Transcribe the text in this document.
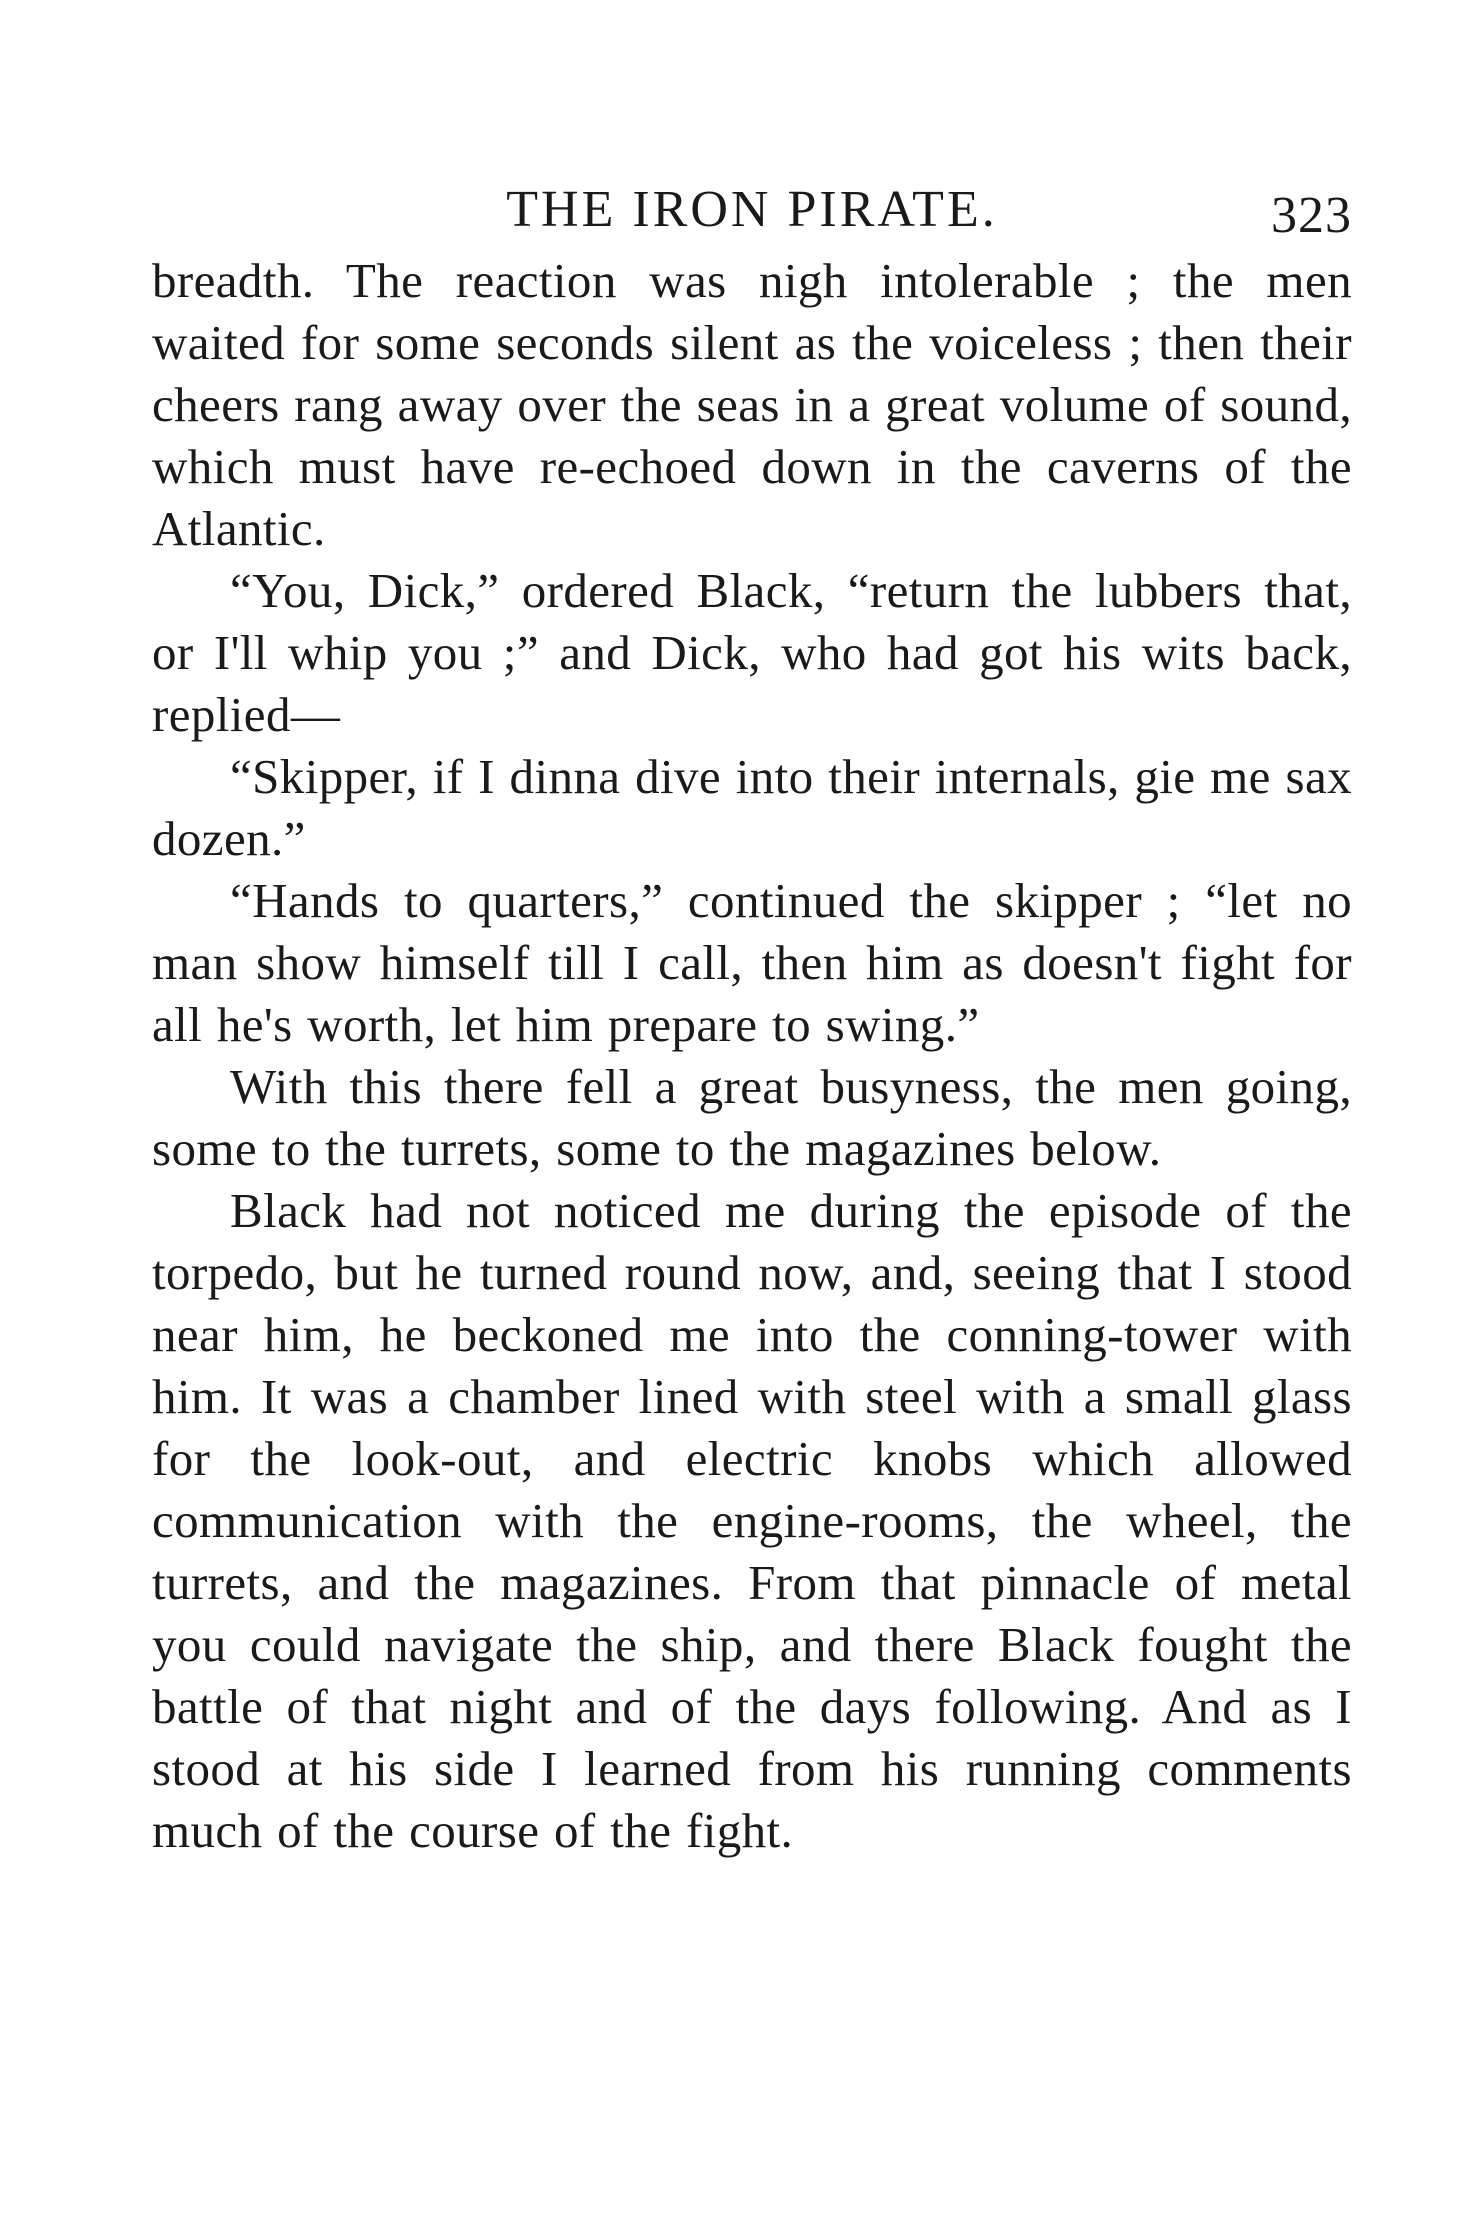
THE IRON PIRATE.	323

breadth. The reaction was nigh intolerable ; the men waited for some seconds silent as the voiceless ; then their cheers rang away over the seas in a great volume of sound, which must have re-echoed down in the caverns of the Atlantic.

“You, Dick,” ordered Black, “return the lubbers that, or I'll whip you ;” and Dick, who had got his wits back, replied—

“Skipper, if I dinna dive into their internals, gie me sax dozen.”

“Hands to quarters,” continued the skipper ; “let no man show himself till I call, then him as doesn't fight for all he's worth, let him prepare to swing.”

With this there fell a great busyness, the men going, some to the turrets, some to the magazines below.

Black had not noticed me during the episode of the torpedo, but he turned round now, and, seeing that I stood near him, he beckoned me into the conning-tower with him. It was a chamber lined with steel with a small glass for the look-out, and electric knobs which allowed communication with the engine-rooms, the wheel, the turrets, and the magazines. From that pinnacle of metal you could navigate the ship, and there Black fought the battle of that night and of the days following. And as I stood at his side I learned from his running comments much of the course of the fight.
